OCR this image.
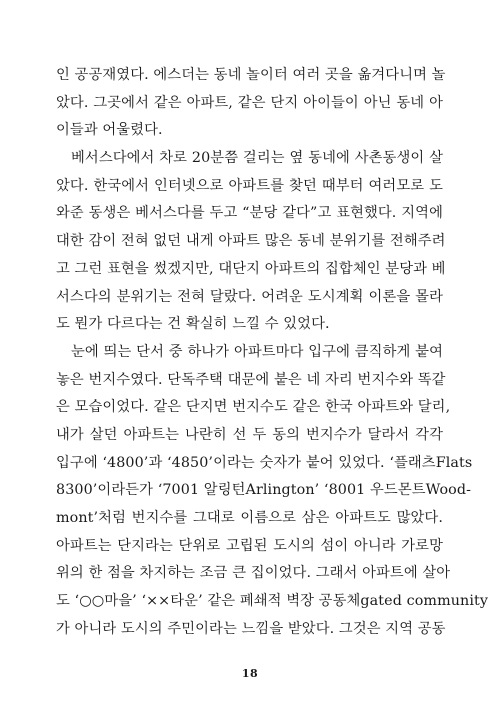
인 공공재였다. 에스더는 동네 놀이터 여러 곳을 옮겨다니며 놀
았다. 그곳에서 같은 아파트, 같은 단지 아이들이 아닌 동네 아
이들과 어울렸다.
베서스다에서 차로 20분쯤 걸리는 옆 동네에 사촌동생이 살
았다. 한국에서 인터넷으로 아파트를 찾던 때부터 여러모로 도
와준 동생은 베서스다를 두고 “분당 같다”고 표현했다. 지역에
대한 감이 전혀 없던 내게 아파트 많은 동네 분위기를 전해주려
고 그런 표현을 썼겠지만, 대단지 아파트의 집합체인 분당과 베
서스다의 분위기는 전혀 달랐다. 어려운 도시계획 이론을 몰라
도 뭔가 다르다는 건 확실히 느낄 수 있었다.
눈에 띄는 단서 중 하나가 아파트마다 입구에 큼직하게 붙여
놓은 번지수였다. 단독주택 대문에 붙은 네 자리 번지수와 똑같
은 모습이었다. 같은 단지면 번지수도 같은 한국 아파트와 달리,
내가 살던 아파트는 나란히 선 두 동의 번지수가 달라서 각각
입구에 ‘4800’과 ‘4850’이라는 숫자가 붙어 있었다. ‘플래츠Flats
8300’이라든가 ‘7001 알링턴Arlington’ ‘8001 우드몬트Wood-
mont’처럼 번지수를 그대로 이름으로 삼은 아파트도 많았다.
아파트는 단지라는 단위로 고립된 도시의 섬이 아니라 가로망
위의 한 점을 차지하는 조금 큰 집이었다. 그래서 아파트에 살아
도 ‘○○마을’ ‘××타운’ 같은 폐쇄적 벽장 공동체gated community
가 아니라 도시의 주민이라는 느낌을 받았다. 그것은 지역 공동
18
